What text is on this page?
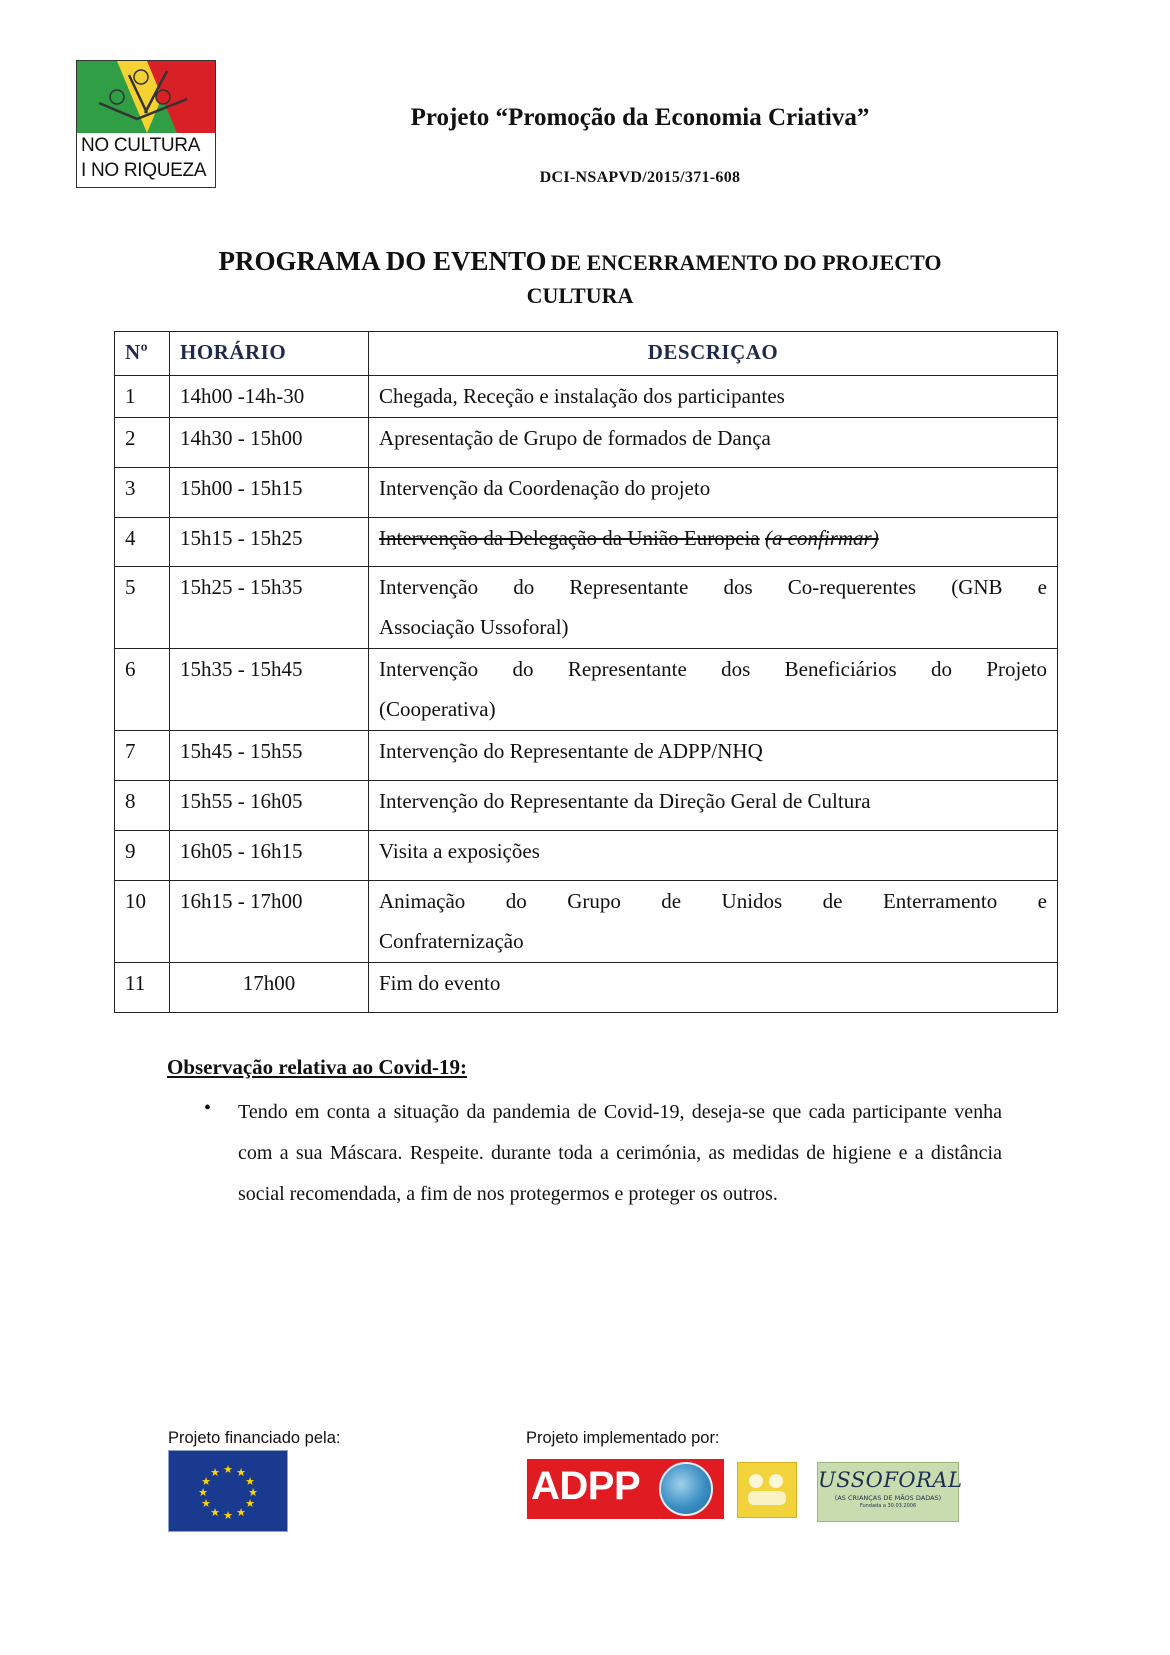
NO CULTURA
I NO RIQUEZA
Projeto “Promoção da Economia Criativa”
DCI-NSAPVD/2015/371-608
PROGRAMA DO EVENTO DE ENCERRAMENTO DO PROJECTO
CULTURA
Nº	HORÁRIO	DESCRIÇAO
1	14h00 -14h-30	Chegada, Receção e instalação dos participantes
2	14h30 - 15h00	Apresentação de Grupo de formados de Dança
3	15h00 - 15h15	Intervenção da Coordenação do projeto
4	15h15 - 15h25	Intervenção da Delegação da União Europeia (a confirmar)
5	15h25 - 15h35	Intervenção do Representante dos Co-requerentes (GNB e
Associação Ussoforal)

6	15h35 - 15h45	Intervenção do Representante dos Beneficiários do Projeto
(Cooperativa)

7	15h45 - 15h55	Intervenção do Representante de ADPP/NHQ
8	15h55 - 16h05	Intervenção do Representante da Direção Geral de Cultura
9	16h05 - 16h15	Visita a exposições
10	16h15 - 17h00	Animação do Grupo de Unidos de Enterramento e
Confraternização

11	17h00	Fim do evento
Observação relativa ao Covid-19:
• Tendo em conta a situação da pandemia de Covid-19, deseja-se que cada participante venha com a sua Máscara. Respeite. durante toda a cerimónia, as medidas de higiene e a distância social recomendada, a fim de nos protegermos e proteger os outros.
Projeto financiado pela:	Projeto implementado por:
★ ★
★
★
★
★
★
★
★
★
★
★	ADPP	USSOFORAL
(AS CRIANÇAS DE MÃOS DADAS)
Fundada a 30.03.2006
